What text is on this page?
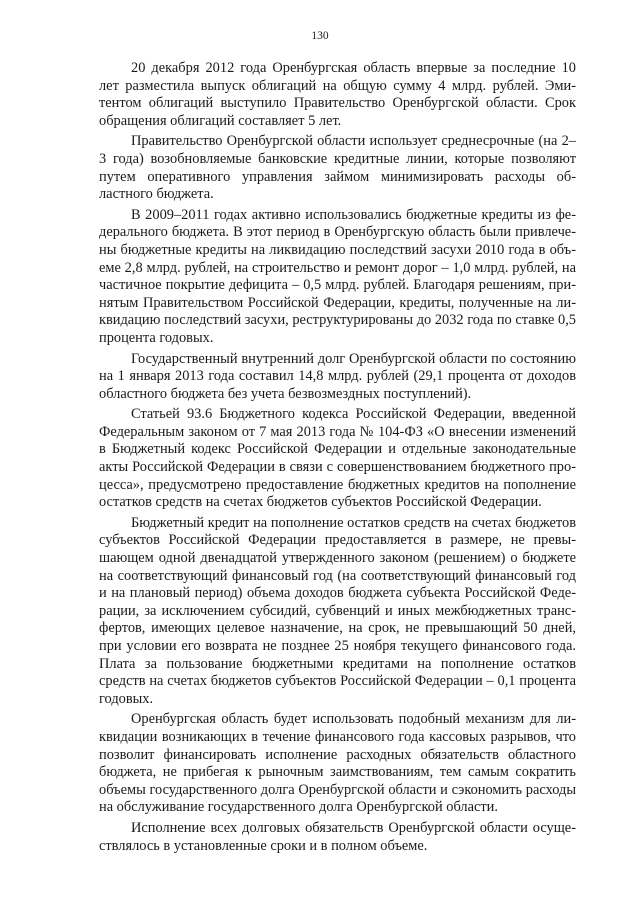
130

20 декабря 2012 года Оренбургская область впервые за последние 10 лет разместила выпуск облигаций на общую сумму 4 млрд. рублей. Эмитентом облигаций выступило Правительство Оренбургской области. Срок обращения облигаций составляет 5 лет.

Правительство Оренбургской области использует среднесрочные (на 2–3 года) возобновляемые банковские кредитные линии, которые позволяют путем оперативного управления займом минимизировать расходы областного бюджета.

В 2009–2011 годах активно использовались бюджетные кредиты из федерального бюджета. В этот период в Оренбургскую область были привлечены бюджетные кредиты на ликвидацию последствий засухи 2010 года в объеме 2,8 млрд. рублей, на строительство и ремонт дорог – 1,0 млрд. рублей, на частичное покрытие дефицита – 0,5 млрд. рублей. Благодаря решениям, принятым Правительством Российской Федерации, кредиты, полученные на ликвидацию последствий засухи, реструктурированы до 2032 года по ставке 0,5 процента годовых.

Государственный внутренний долг Оренбургской области по состоянию на 1 января 2013 года составил 14,8 млрд. рублей (29,1 процента от доходов областного бюджета без учета безвозмездных поступлений).

Статьей 93.6 Бюджетного кодекса Российской Федерации, введенной Федеральным законом от 7 мая 2013 года № 104-ФЗ «О внесении изменений в Бюджетный кодекс Российской Федерации и отдельные законодательные акты Российской Федерации в связи с совершенствованием бюджетного процесса», предусмотрено предоставление бюджетных кредитов на пополнение остатков средств на счетах бюджетов субъектов Российской Федерации.

Бюджетный кредит на пополнение остатков средств на счетах бюджетов субъектов Российской Федерации предоставляется в размере, не превышающем одной двенадцатой утвержденного законом (решением) о бюджете на соответствующий финансовый год (на соответствующий финансовый год и на плановый период) объема доходов бюджета субъекта Российской Федерации, за исключением субсидий, субвенций и иных межбюджетных трансфертов, имеющих целевое назначение, на срок, не превышающий 50 дней, при условии его возврата не позднее 25 ноября текущего финансового года. Плата за пользование бюджетными кредитами на пополнение остатков средств на счетах бюджетов субъектов Российской Федерации – 0,1 процента годовых.

Оренбургская область будет использовать подобный механизм для ликвидации возникающих в течение финансового года кассовых разрывов, что позволит финансировать исполнение расходных обязательств областного бюджета, не прибегая к рыночным заимствованиям, тем самым сократить объемы государственного долга Оренбургской области и сэкономить расходы на обслуживание государственного долга Оренбургской области.

Исполнение всех долговых обязательств Оренбургской области осуществлялось в установленные сроки и в полном объеме.
